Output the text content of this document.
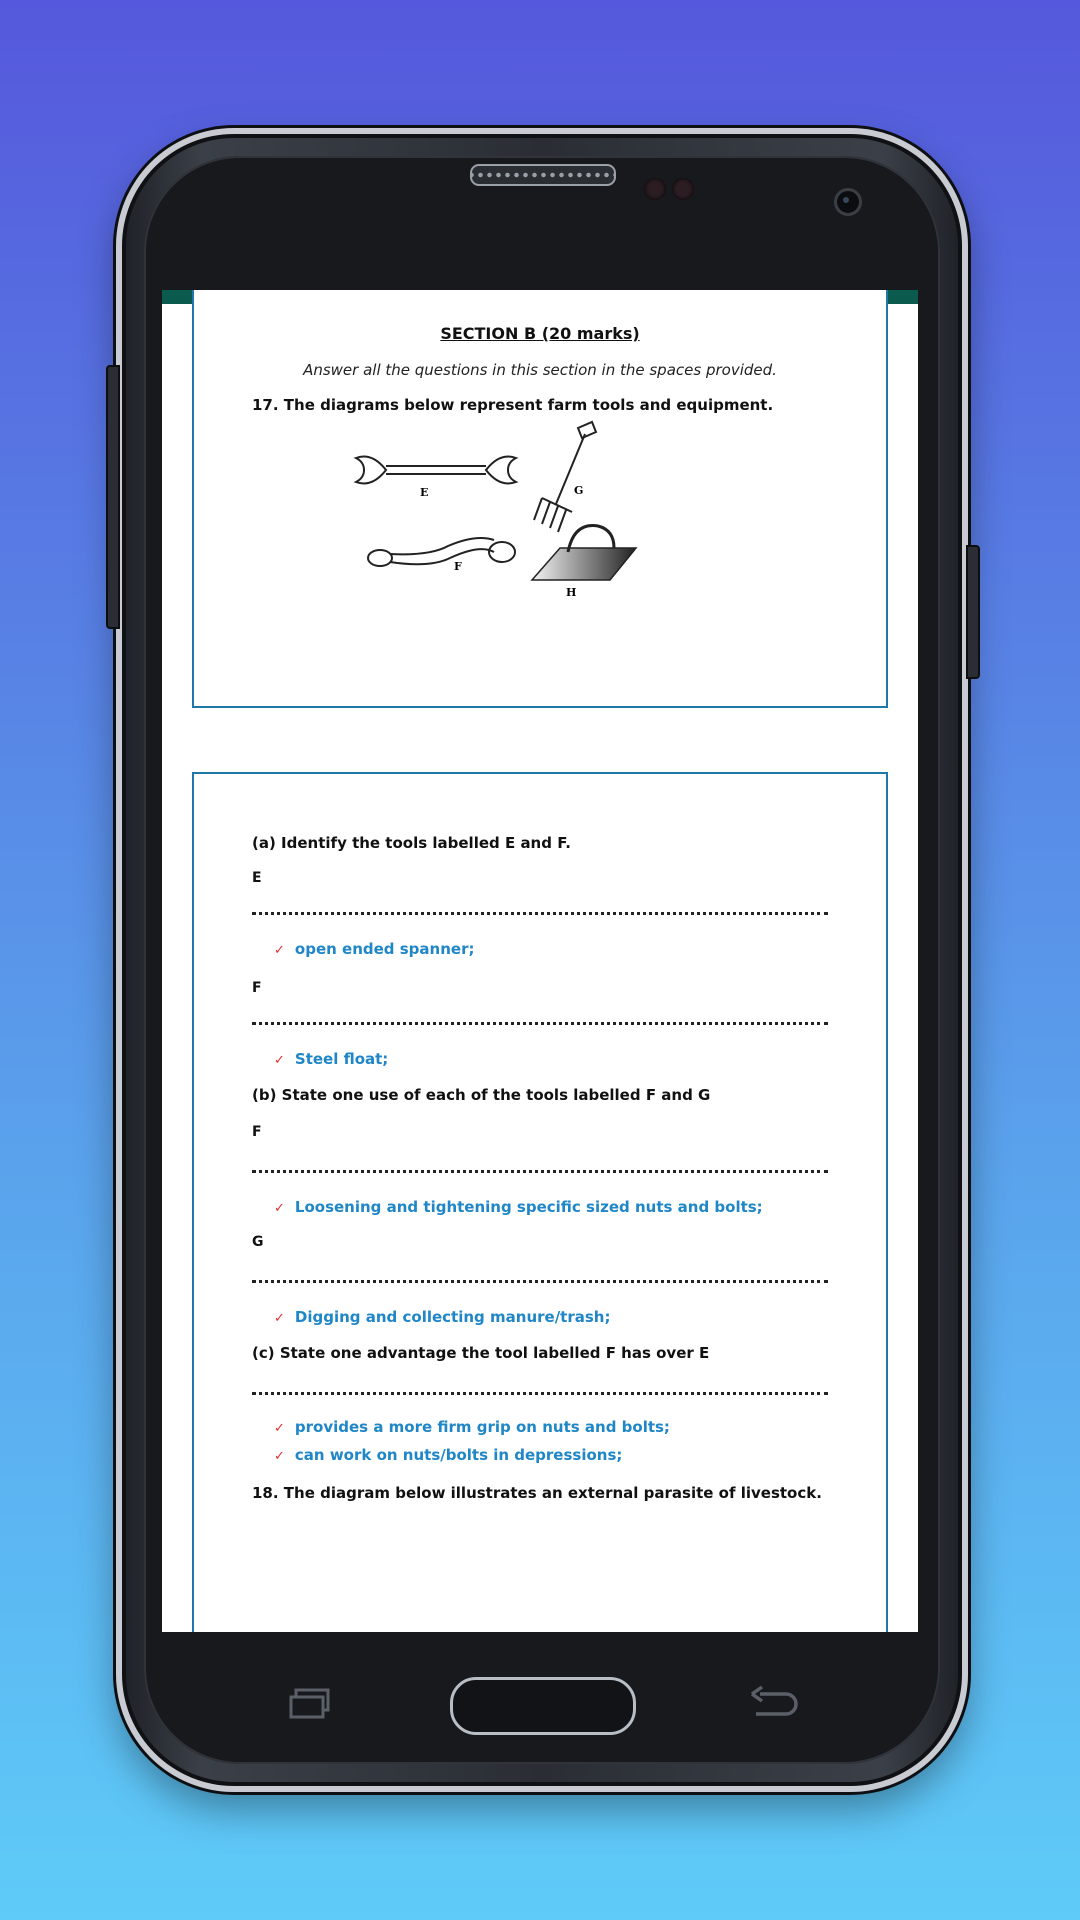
SECTION B (20 marks)
Answer all the questions in this section in the spaces provided.
17. The diagrams below represent farm tools and equipment.
E	G
F
H
(a) Identify the tools labelled E and F.
E
✓ open ended spanner;
F
✓ Steel float;
(b) State one use of each of the tools labelled F and G
F
✓ Loosening and tightening specific sized nuts and bolts;
G
✓ Digging and collecting manure/trash;
(c) State one advantage the tool labelled F has over E
✓ provides a more firm grip on nuts and bolts;
✓ can work on nuts/bolts in depressions;
18. The diagram below illustrates an external parasite of livestock.
